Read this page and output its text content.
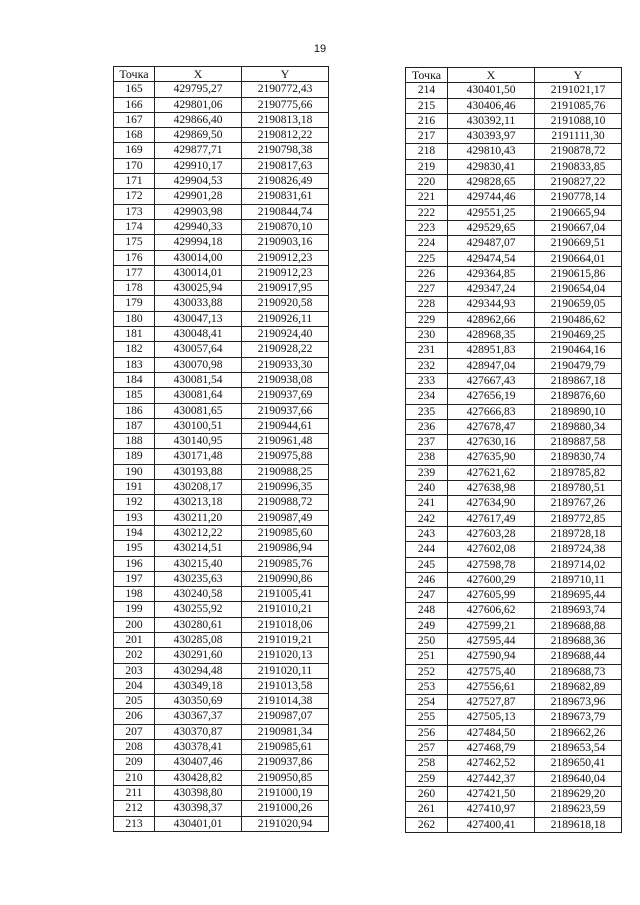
19
Точка	X	Y
165	429795,27	2190772,43
166	429801,06	2190775,66
167	429866,40	2190813,18
168	429869,50	2190812,22
169	429877,71	2190798,38
170	429910,17	2190817,63
171	429904,53	2190826,49
172	429901,28	2190831,61
173	429903,98	2190844,74
174	429940,33	2190870,10
175	429994,18	2190903,16
176	430014,00	2190912,23
177	430014,01	2190912,23
178	430025,94	2190917,95
179	430033,88	2190920,58
180	430047,13	2190926,11
181	430048,41	2190924,40
182	430057,64	2190928,22
183	430070,98	2190933,30
184	430081,54	2190938,08
185	430081,64	2190937,69
186	430081,65	2190937,66
187	430100,51	2190944,61
188	430140,95	2190961,48
189	430171,48	2190975,88
190	430193,88	2190988,25
191	430208,17	2190996,35
192	430213,18	2190988,72
193	430211,20	2190987,49
194	430212,22	2190985,60
195	430214,51	2190986,94
196	430215,40	2190985,76
197	430235,63	2190990,86
198	430240,58	2191005,41
199	430255,92	2191010,21
200	430280,61	2191018,06
201	430285,08	2191019,21
202	430291,60	2191020,13
203	430294,48	2191020,11
204	430349,18	2191013,58
205	430350,69	2191014,38
206	430367,37	2190987,07
207	430370,87	2190981,34
208	430378,41	2190985,61
209	430407,46	2190937,86
210	430428,82	2190950,85
211	430398,80	2191000,19
212	430398,37	2191000,26
213	430401,01	2191020,94
Точка	X	Y
214	430401,50	2191021,17
215	430406,46	2191085,76
216	430392,11	2191088,10
217	430393,97	2191111,30
218	429810,43	2190878,72
219	429830,41	2190833,85
220	429828,65	2190827,22
221	429744,46	2190778,14
222	429551,25	2190665,94
223	429529,65	2190667,04
224	429487,07	2190669,51
225	429474,54	2190664,01
226	429364,85	2190615,86
227	429347,24	2190654,04
228	429344,93	2190659,05
229	428962,66	2190486,62
230	428968,35	2190469,25
231	428951,83	2190464,16
232	428947,04	2190479,79
233	427667,43	2189867,18
234	427656,19	2189876,60
235	427666,83	2189890,10
236	427678,47	2189880,34
237	427630,16	2189887,58
238	427635,90	2189830,74
239	427621,62	2189785,82
240	427638,98	2189780,51
241	427634,90	2189767,26
242	427617,49	2189772,85
243	427603,28	2189728,18
244	427602,08	2189724,38
245	427598,78	2189714,02
246	427600,29	2189710,11
247	427605,99	2189695,44
248	427606,62	2189693,74
249	427599,21	2189688,88
250	427595,44	2189688,36
251	427590,94	2189688,44
252	427575,40	2189688,73
253	427556,61	2189682,89
254	427527,87	2189673,96
255	427505,13	2189673,79
256	427484,50	2189662,26
257	427468,79	2189653,54
258	427462,52	2189650,41
259	427442,37	2189640,04
260	427421,50	2189629,20
261	427410,97	2189623,59
262	427400,41	2189618,18
